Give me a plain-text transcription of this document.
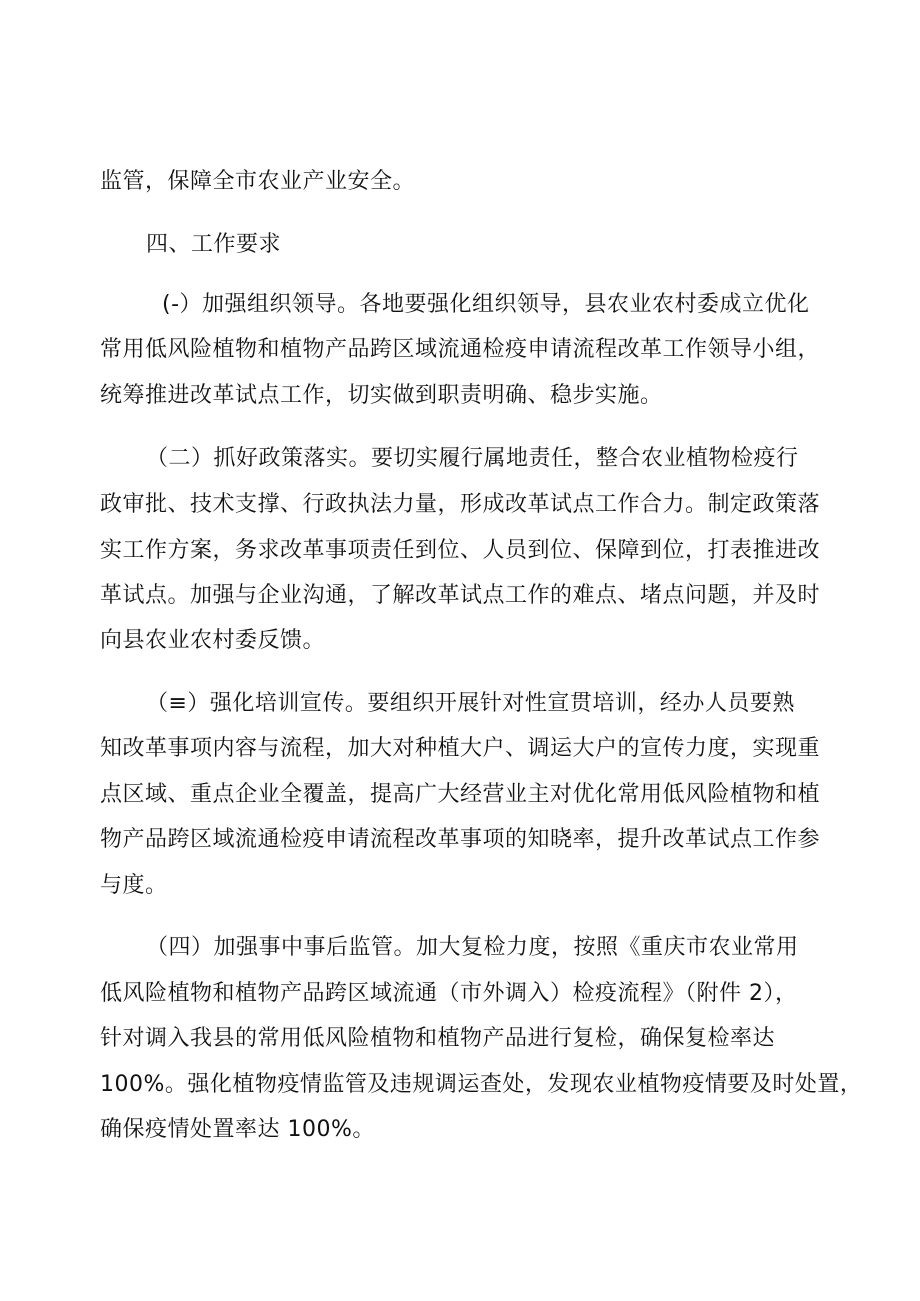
监管，保障全市农业产业安全。
四、工作要求
(-）加强组织领导。各地要强化组织领导，县农业农村委成立优化
常用低风险植物和植物产品跨区域流通检疫申请流程改革工作领导小组，
统筹推进改革试点工作，切实做到职责明确、稳步实施。
（二）抓好政策落实。要切实履行属地责任，整合农业植物检疫行
政审批、技术支撑、行政执法力量，形成改革试点工作合力。制定政策落
实工作方案，务求改革事项责任到位、人员到位、保障到位，打表推进改
革试点。加强与企业沟通，了解改革试点工作的难点、堵点问题，并及时
向县农业农村委反馈。
（≡）强化培训宣传。要组织开展针对性宣贯培训，经办人员要熟
知改革事项内容与流程，加大对种植大户、调运大户的宣传力度，实现重
点区域、重点企业全覆盖，提高广大经营业主对优化常用低风险植物和植
物产品跨区域流通检疫申请流程改革事项的知晓率，提升改革试点工作参
与度。
（四）加强事中事后监管。加大复检力度，按照《重庆市农业常用
低风险植物和植物产品跨区域流通（市外调入）检疫流程》（附件 2），
针对调入我县的常用低风险植物和植物产品进行复检，确保复检率达
100%。强化植物疫情监管及违规调运查处，发现农业植物疫情要及时处置，
确保疫情处置率达 100%。
